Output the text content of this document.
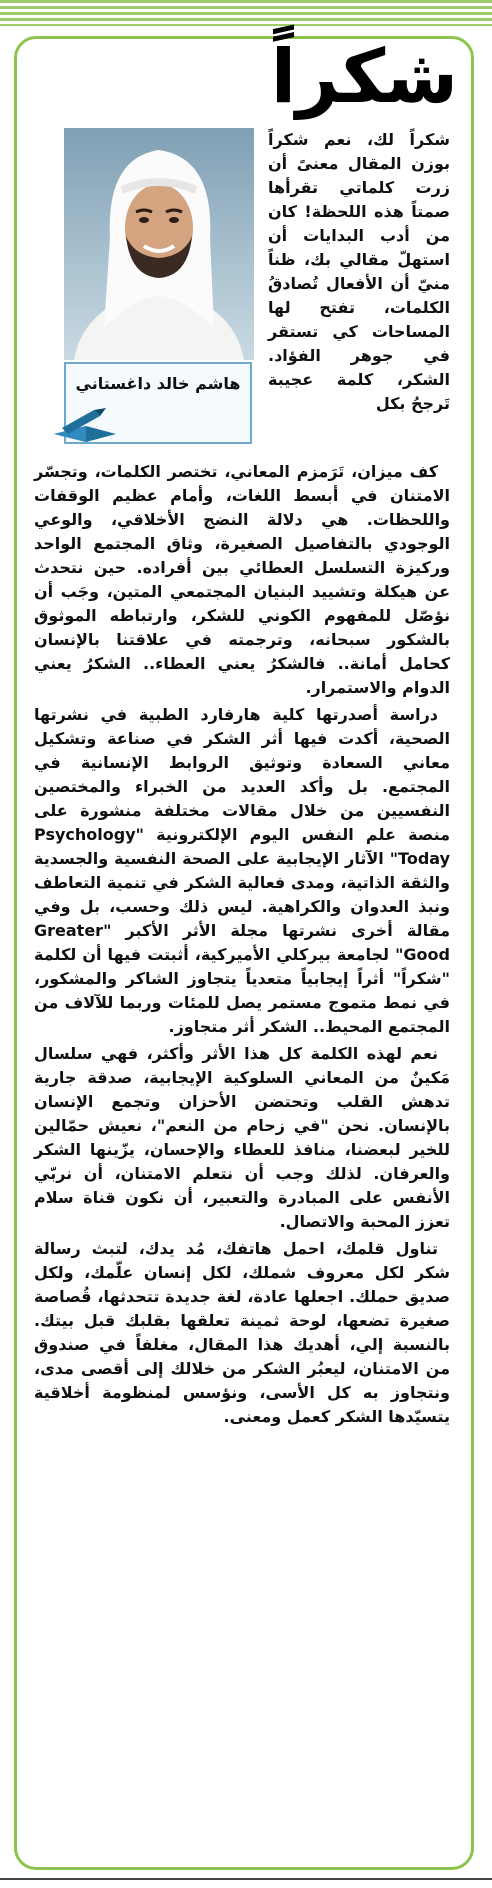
شكراً

هاشم خالد داغستاني

شكراً لك، نعم شكراً بوزن المقال معنىً أن زرت كلماتي تقرأها صمتاً هذه اللحظة! كان من أدب البدايات أن استهلّ مقالي بك، ظناً منيّ أن الأفعال تُصادقُ الكلمات، تفتح لها المساحات كي تستقر في جوهر الفؤاد. الشكر، كلمة عجيبة تَرجحُ بكل

كف ميزان، تَرَمزم المعاني، تختصر الكلمات، وتجسّر الامتنان في أبسط اللغات، وأمام عظيم الوقفات واللحظات. هي دلالة النضج الأخلاقي، والوعي الوجودي بالتفاصيل الصغيرة، وثاق المجتمع الواحد وركيزة التسلسل العطائي بين أفراده. حين نتحدث عن هيكلة وتشييد البنيان المجتمعي المتين، وجَب أن نؤصّل للمفهوم الكوني للشكر، وارتباطه الموثوق بالشكور سبحانه، وترجمته في علاقتنا بالإنسان كحامل أمانة.. فالشكرُ يعني العطاء.. الشكرُ يعني الدوام والاستمرار.

دراسة أصدرتها كلية هارفارد الطبية في نشرتها الصحية، أكدت فيها أثر الشكر في صناعة وتشكيل معاني السعادة وتوثيق الروابط الإنسانية في المجتمع. بل وأكد العديد من الخبراء والمختصين النفسيين من خلال مقالات مختلفة منشورة على منصة علم النفس اليوم الإلكترونية "Psychology Today" الآثار الإيجابية على الصحة النفسية والجسدية والثقة الذاتية، ومدى فعالية الشكر في تنمية التعاطف ونبذ العدوان والكراهية. ليس ذلك وحسب، بل وفي مقالة أخرى نشرتها مجلة الأثر الأكبر "Greater Good" لجامعة بيركلي الأميركية، أثبتت فيها أن لكلمة "شكراً" أثراً إيجابياً متعدياً يتجاوز الشاكر والمشكور، في نمط متموج مستمر يصل للمئات وربما للآلاف من المجتمع المحيط.. الشكر أثر متجاوز.

نعم لهذه الكلمة كل هذا الأثر وأكثر، فهي سلسال مَكينٌ من المعاني السلوكية الإيجابية، صدقة جارية تدهش القلب وتحتضن الأحزان وتجمع الإنسان بالإنسان. نحن "في زحام من النعم"، نعيش حمّالين للخير لبعضنا، منافذ للعطاء والإحسان، يزّينها الشكر والعرفان. لذلك وجب أن نتعلم الامتنان، أن نربّي الأنفس على المبادرة والتعبير، أن نكون قناة سلام تعزز المحبة والاتصال.

تناول قلمك، احمل هاتفك، مُد يدك، لتبث رسالة شكر لكل معروف شملك، لكل إنسان علّمك، ولكل صديق حملك. اجعلها عادة، لغة جديدة تتحدثها، قُصاصة صغيرة تضعها، لوحة ثمينة تعلقها بقلبك قبل بيتك. بالنسبة إلي، أهديك هذا المقال، مغلفاً في صندوق من الامتنان، ليعبُر الشكر من خلالك إلى أقصى مدى، ونتجاوز به كل الأسى، ونؤسس لمنظومة أخلاقية يتسيّدها الشكر كعمل ومعنى.
